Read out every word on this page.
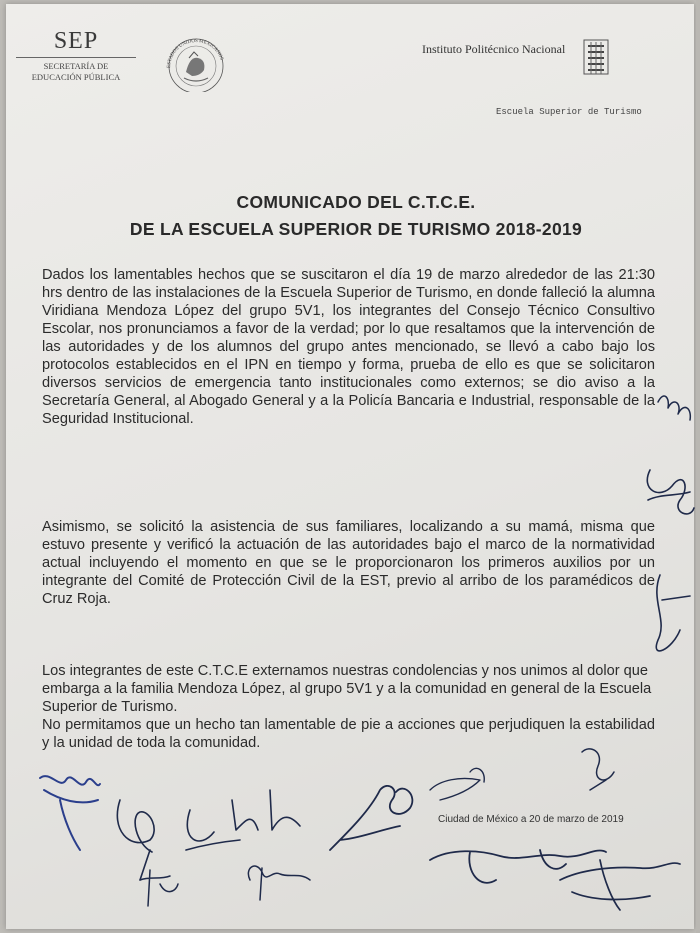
SEP
SECRETARÍA DE
EDUCACIÓN PÚBLICA
ESTADOS UNIDOS MEXICANOS
Instituto Politécnico Nacional
Escuela Superior de Turismo
COMUNICADO DEL C.T.C.E.
DE LA ESCUELA SUPERIOR DE TURISMO 2018-2019
Dados los lamentables hechos que se suscitaron el día 19 de marzo alrededor de las 21:30 hrs dentro de las instalaciones de la Escuela Superior de Turismo, en donde falleció la alumna Viridiana Mendoza López del grupo 5V1, los integrantes del Consejo Técnico Consultivo Escolar, nos pronunciamos a favor de la verdad; por lo que resaltamos que la intervención de las autoridades y de los alumnos del grupo antes mencionado, se llevó a cabo bajo los protocolos establecidos en el IPN en tiempo y forma, prueba de ello es que se solicitaron diversos servicios de emergencia tanto institucionales como externos; se dio aviso a la Secretaría General, al Abogado General y a la Policía Bancaria e Industrial, responsable de la Seguridad Institucional.
Asimismo, se solicitó la asistencia de sus familiares, localizando a su mamá, misma que estuvo presente y verificó la actuación de las autoridades bajo el marco de la normatividad actual incluyendo el momento en que se le proporcionaron los primeros auxilios por un integrante del Comité de Protección Civil de la EST, previo al arribo de los paramédicos de Cruz Roja.
Los integrantes de este C.T.C.E externamos nuestras condolencias y nos unimos al dolor que embarga a la familia Mendoza López, al grupo 5V1 y a la comunidad en general de la Escuela Superior de Turismo.
No permitamos que un hecho tan lamentable de pie a acciones que perjudiquen la estabilidad y la unidad de toda la comunidad.
Ciudad de México a 20 de marzo de 2019
